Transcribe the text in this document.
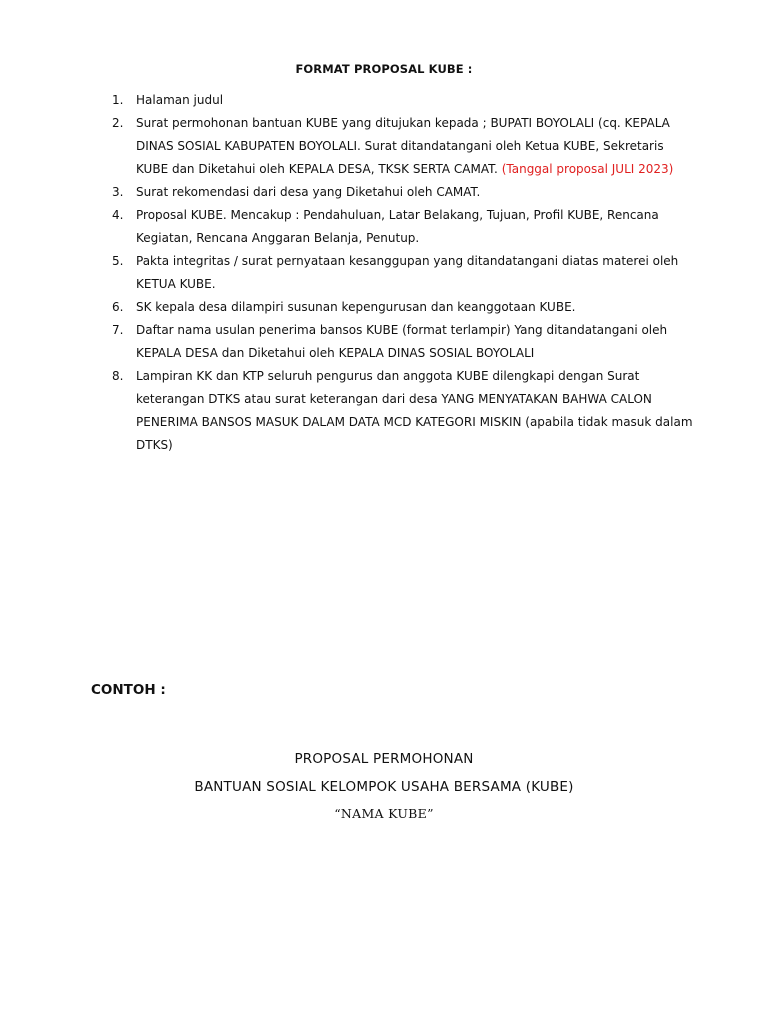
FORMAT PROPOSAL KUBE :
1. Halaman judul
2. Surat permohonan bantuan KUBE yang ditujukan kepada ; BUPATI BOYOLALI (cq. KEPALA DINAS SOSIAL KABUPATEN BOYOLALI. Surat ditandatangani oleh Ketua KUBE, Sekretaris KUBE dan Diketahui oleh KEPALA DESA, TKSK SERTA CAMAT. (Tanggal proposal JULI 2023)
3. Surat rekomendasi dari desa yang Diketahui oleh CAMAT.
4. Proposal KUBE. Mencakup : Pendahuluan, Latar Belakang, Tujuan, Profil KUBE, Rencana Kegiatan, Rencana Anggaran Belanja, Penutup.
5. Pakta integritas / surat pernyataan kesanggupan yang ditandatangani diatas materei oleh KETUA KUBE.
6. SK kepala desa dilampiri susunan kepengurusan dan keanggotaan KUBE.
7. Daftar nama usulan penerima bansos KUBE (format terlampir) Yang ditandatangani oleh KEPALA DESA dan Diketahui oleh KEPALA DINAS SOSIAL BOYOLALI
8. Lampiran KK dan KTP seluruh pengurus dan anggota KUBE dilengkapi dengan Surat keterangan DTKS atau surat keterangan dari desa YANG MENYATAKAN BAHWA CALON PENERIMA BANSOS MASUK DALAM DATA MCD KATEGORI MISKIN (apabila tidak masuk dalam DTKS)
CONTOH :
PROPOSAL PERMOHONAN
BANTUAN SOSIAL KELOMPOK USAHA BERSAMA (KUBE)
“NAMA KUBE”
